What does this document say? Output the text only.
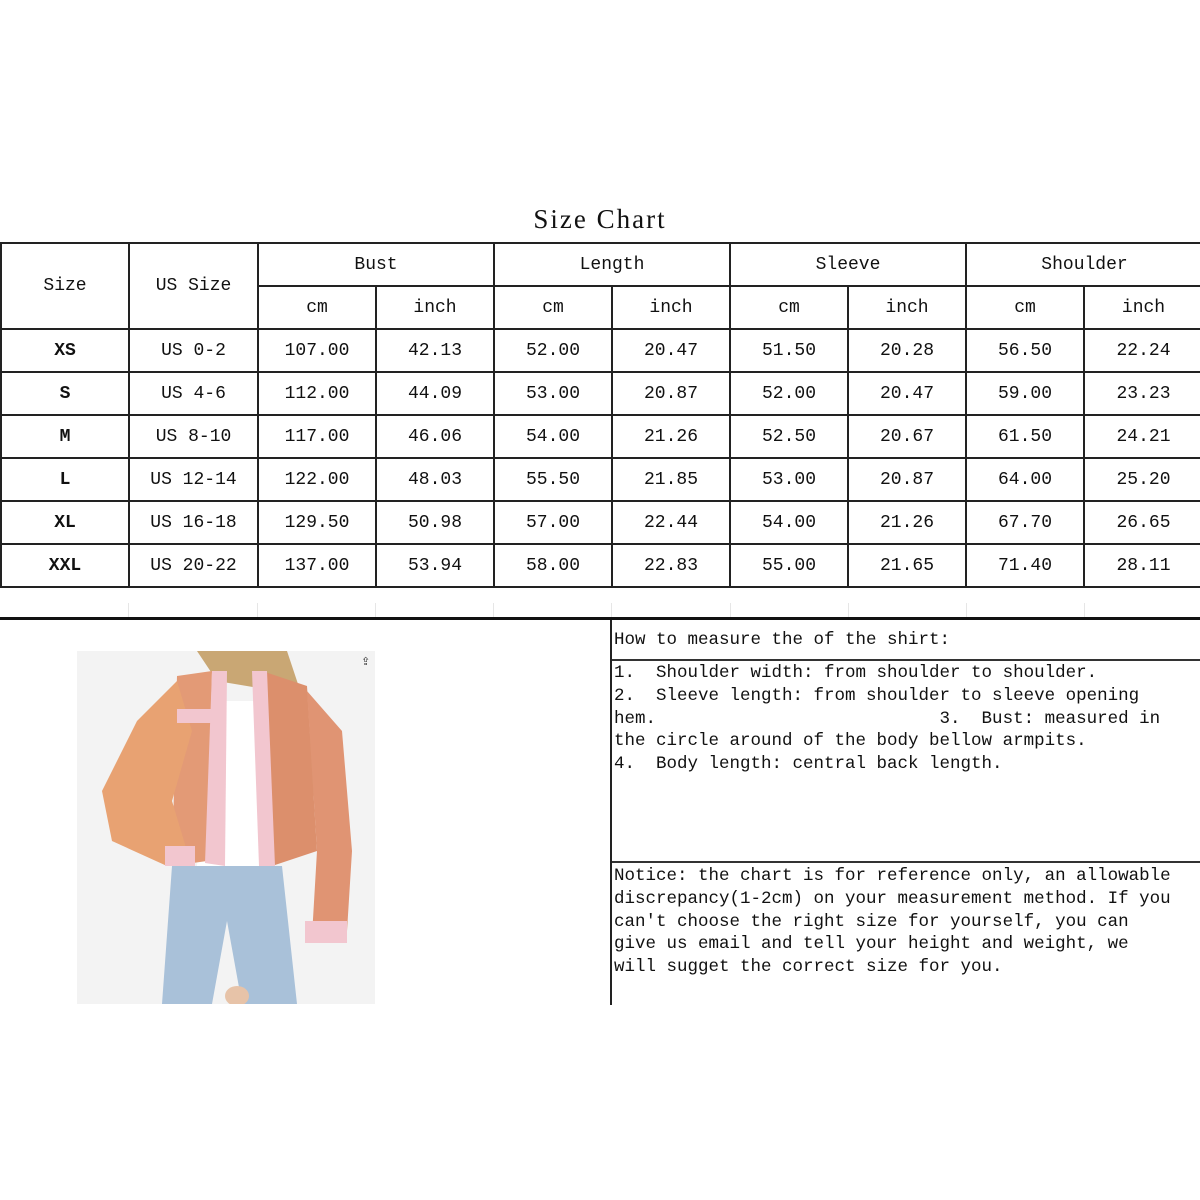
Size Chart
Size	US Size	Bust		Length		Sleeve		Shoulder	
		cm	inch	cm	inch	cm	inch	cm	inch
XS	US 0-2	107.00	42.13	52.00	20.47	51.50	20.28	56.50	22.24
S	US 4-6	112.00	44.09	53.00	20.87	52.00	20.47	59.00	23.23
M	US 8-10	117.00	46.06	54.00	21.26	52.50	20.67	61.50	24.21
L	US 12-14	122.00	48.03	55.50	21.85	53.00	20.87	64.00	25.20
XL	US 16-18	129.50	50.98	57.00	22.44	54.00	21.26	67.70	26.65
XXL	US 20-22	137.00	53.94	58.00	22.83	55.00	21.65	71.40	28.11
⇪
How to measure the of the shirt:
1.  Shoulder width: from shoulder to shoulder.
2.  Sleeve length: from shoulder to sleeve opening
hem.                           3.  Bust: measured in
the circle around of the body bellow armpits.
4.  Body length: central back length.
Notice: the chart is for reference only, an allowable
discrepancy(1-2cm) on your measurement method. If you
can't choose the right size for yourself, you can
give us email and tell your height and weight, we
will sugget the correct size for you.
